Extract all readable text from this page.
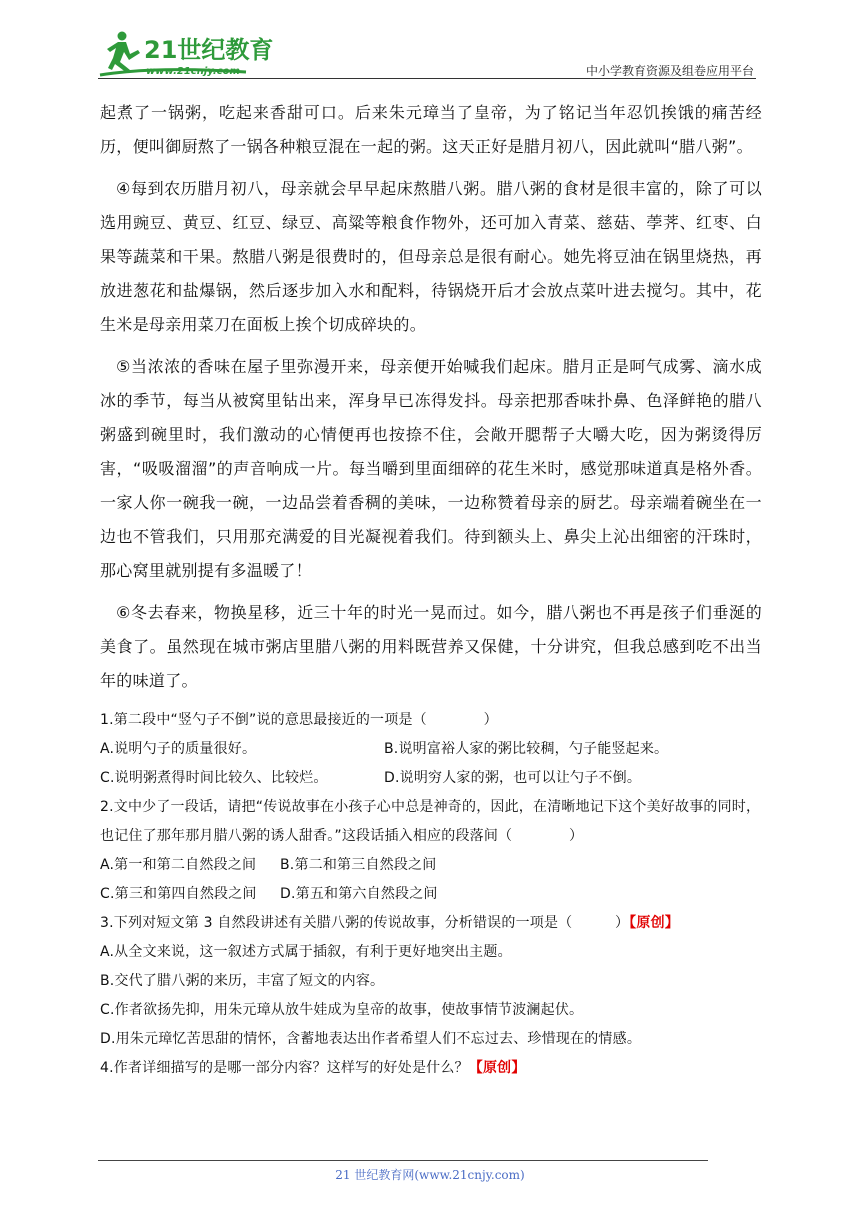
21世纪教育
www.21cnjy.com	中小学教育资源及组卷应用平台

起煮了一锅粥，吃起来香甜可口。后来朱元璋当了皇帝，为了铭记当年忍饥挨饿的痛苦经历，便叫御厨熬了一锅各种粮豆混在一起的粥。这天正好是腊月初八，因此就叫“腊八粥”。

④每到农历腊月初八，母亲就会早早起床熬腊八粥。腊八粥的食材是很丰富的，除了可以选用豌豆、黄豆、红豆、绿豆、高粱等粮食作物外，还可加入青菜、慈菇、荸荠、红枣、白果等蔬菜和干果。熬腊八粥是很费时的，但母亲总是很有耐心。她先将豆油在锅里烧热，再放进葱花和盐爆锅，然后逐步加入水和配料，待锅烧开后才会放点菜叶进去搅匀。其中，花生米是母亲用菜刀在面板上挨个切成碎块的。

⑤当浓浓的香味在屋子里弥漫开来，母亲便开始喊我们起床。腊月正是呵气成雾、滴水成冰的季节，每当从被窝里钻出来，浑身早已冻得发抖。母亲把那香味扑鼻、色泽鲜艳的腊八粥盛到碗里时，我们激动的心情便再也按捺不住，会敞开腮帮子大嚼大吃，因为粥烫得厉害，“吸吸溜溜”的声音响成一片。每当嚼到里面细碎的花生米时，感觉那味道真是格外香。一家人你一碗我一碗，一边品尝着香稠的美味，一边称赞着母亲的厨艺。母亲端着碗坐在一边也不管我们，只用那充满爱的目光凝视着我们。待到额头上、鼻尖上沁出细密的汗珠时，那心窝里就别提有多温暖了！

⑥冬去春来，物换星移，近三十年的时光一晃而过。如今，腊八粥也不再是孩子们垂涎的美食了。虽然现在城市粥店里腊八粥的用料既营养又保健，十分讲究，但我总感到吃不出当年的味道了。

1.第二段中“竖勺子不倒”说的意思最接近的一项是（　　　　）

A.说明勺子的质量很好。	B.说明富裕人家的粥比较稠，勺子能竖起来。

C.说明粥煮得时间比较久、比较烂。	D.说明穷人家的粥，也可以让勺子不倒。

2.文中少了一段话，请把“传说故事在小孩子心中总是神奇的，因此，在清晰地记下这个美好故事的同时，也记住了那年那月腊八粥的诱人甜香。”这段话插入相应的段落间（　　　　）

A.第一和第二自然段之间	B.第二和第三自然段之间

C.第三和第四自然段之间	D.第五和第六自然段之间

3.下列对短文第 3 自然段讲述有关腊八粥的传说故事，分析错误的一项是（　　　）【原创】

A.从全文来说，这一叙述方式属于插叙，有利于更好地突出主题。

B.交代了腊八粥的来历，丰富了短文的内容。

C.作者欲扬先抑，用朱元璋从放牛娃成为皇帝的故事，使故事情节波澜起伏。

D.用朱元璋忆苦思甜的情怀，含蓄地表达出作者希望人们不忘过去、珍惜现在的情感。

4.作者详细描写的是哪一部分内容？这样写的好处是什么？【原创】

21 世纪教育网(www.21cnjy.com)
